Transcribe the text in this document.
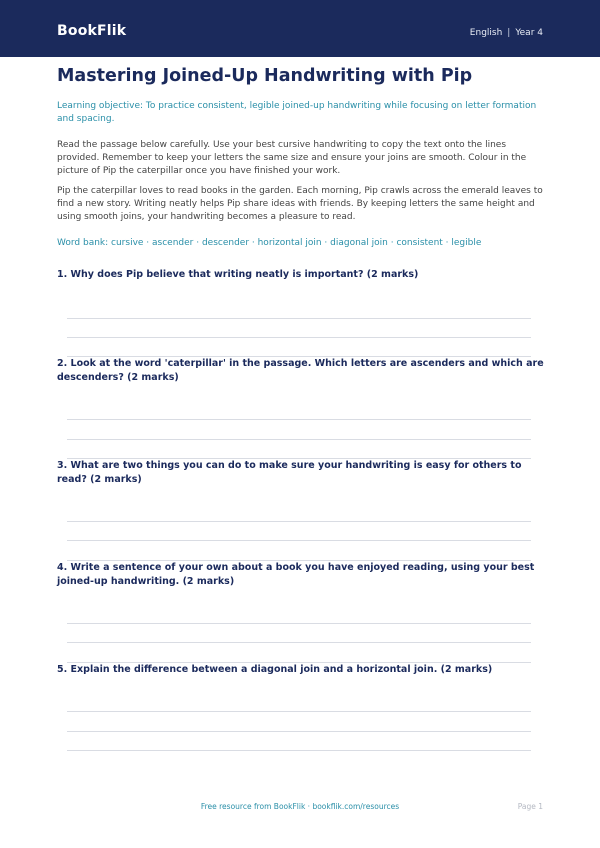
BookFlik	English | Year 4
Mastering Joined-Up Handwriting with Pip

Learning objective: To practice consistent, legible joined-up handwriting while focusing on letter formation and spacing.

Read the passage below carefully. Use your best cursive handwriting to copy the text onto the lines provided. Remember to keep your letters the same size and ensure your joins are smooth. Colour in the picture of Pip the caterpillar once you have finished your work.

Pip the caterpillar loves to read books in the garden. Each morning, Pip crawls across the emerald leaves to find a new story. Writing neatly helps Pip share ideas with friends. By keeping letters the same height and using smooth joins, your handwriting becomes a pleasure to read.

Word bank: cursive · ascender · descender · horizontal join · diagonal join · consistent · legible

1. Why does Pip believe that writing neatly is important? (2 marks)
2. Look at the word 'caterpillar' in the passage. Which letters are ascenders and which are descenders? (2 marks)
3. What are two things you can do to make sure your handwriting is easy for others to read? (2 marks)
4. Write a sentence of your own about a book you have enjoyed reading, using your best joined-up handwriting. (2 marks)
5. Explain the difference between a diagonal join and a horizontal join. (2 marks)
Free resource from BookFlik · bookflik.com/resources	Page 1
